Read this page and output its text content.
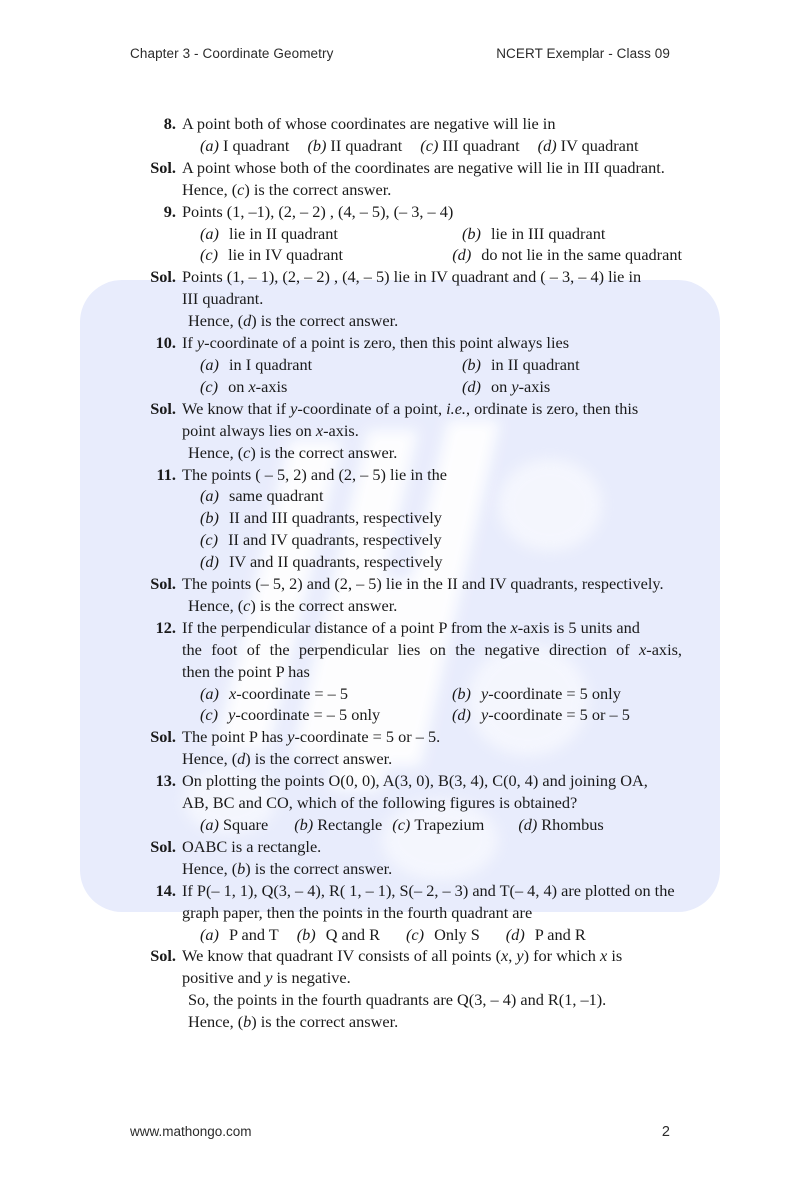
Chapter 3 - Coordinate Geometry	NCERT Exemplar - Class 09
8. A point both of whose coordinates are negative will lie in
(a) I quadrant (b) II quadrant (c) III quadrant (d) IV quadrant
Sol. A point whose both of the coordinates are negative will lie in III quadrant.
Hence, (c) is the correct answer.
9. Points (1, –1), (2, – 2) , (4, – 5), (– 3, – 4)
(a) lie in II quadrant	(b) lie in III quadrant
(c) lie in IV quadrant	(d) do not lie in the same quadrant
Sol. Points (1, – 1), (2, – 2) , (4, – 5) lie in IV quadrant and ( – 3, – 4) lie in
III quadrant.
Hence, (d) is the correct answer.
10. If y-coordinate of a point is zero, then this point always lies
(a) in I quadrant	(b) in II quadrant
(c) on x-axis	(d) on y-axis
Sol. We know that if y-coordinate of a point, i.e., ordinate is zero, then this
point always lies on x-axis.
Hence, (c) is the correct answer.
11. The points ( – 5, 2) and (2, – 5) lie in the
(a) same quadrant
(b) II and III quadrants, respectively
(c) II and IV quadrants, respectively
(d) IV and II quadrants, respectively
Sol. The points (– 5, 2) and (2, – 5) lie in the II and IV quadrants, respectively.
Hence, (c) is the correct answer.
12. If the perpendicular distance of a point P from the x-axis is 5 units and
the foot of the perpendicular lies on the negative direction of x-axis,
then the point P has
(a) x-coordinate = – 5	(b) y-coordinate = 5 only
(c) y-coordinate = – 5 only	(d) y-coordinate = 5 or – 5
Sol. The point P has y-coordinate = 5 or – 5.
Hence, (d) is the correct answer.
13. On plotting the points O(0, 0), A(3, 0), B(3, 4), C(0, 4) and joining OA,
AB, BC and CO, which of the following figures is obtained?
(a) Square (b) Rectangle (c) Trapezium (d) Rhombus
Sol. OABC is a rectangle.
Hence, (b) is the correct answer.
14. If P(– 1, 1), Q(3, – 4), R( 1, – 1), S(– 2, – 3) and T(– 4, 4) are plotted on the
graph paper, then the points in the fourth quadrant are
(a) P and T (b) Q and R (c) Only S (d) P and R
Sol. We know that quadrant IV consists of all points (x, y) for which x is
positive and y is negative.
So, the points in the fourth quadrants are Q(3, – 4) and R(1, –1).
Hence, (b) is the correct answer.
www.mathongo.com	2
